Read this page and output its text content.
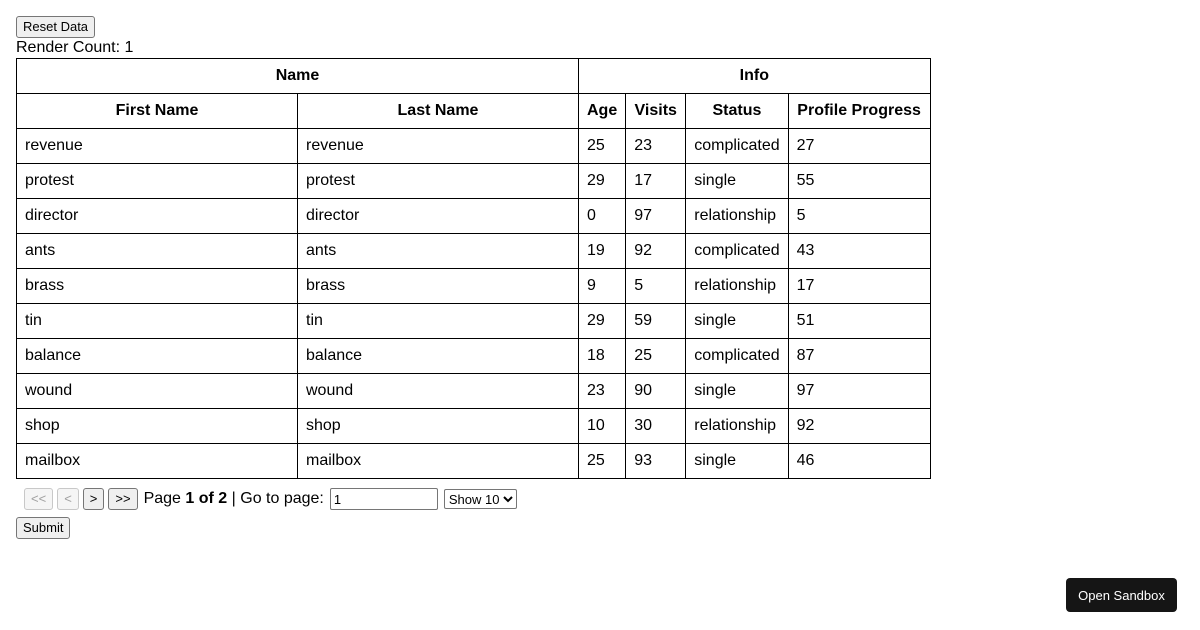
Reset Data
Render Count: 1
Name		Info			
First Name	Last Name	Age	Visits	Status	Profile Progress
revenue	revenue	25	23	complicated	27
protest	protest	29	17	single	55
director	director	0	97	relationship	5
ants	ants	19	92	complicated	43
brass	brass	9	5	relationship	17
tin	tin	29	59	single	51
balance	balance	18	25	complicated	87
wound	wound	23	90	single	97
shop	shop	10	30	relationship	92
mailbox	mailbox	25	93	single	46
<<	<	>	>> Page 1 of 2 | Go to page:
1
Show 10
Submit
Open Sandbox
